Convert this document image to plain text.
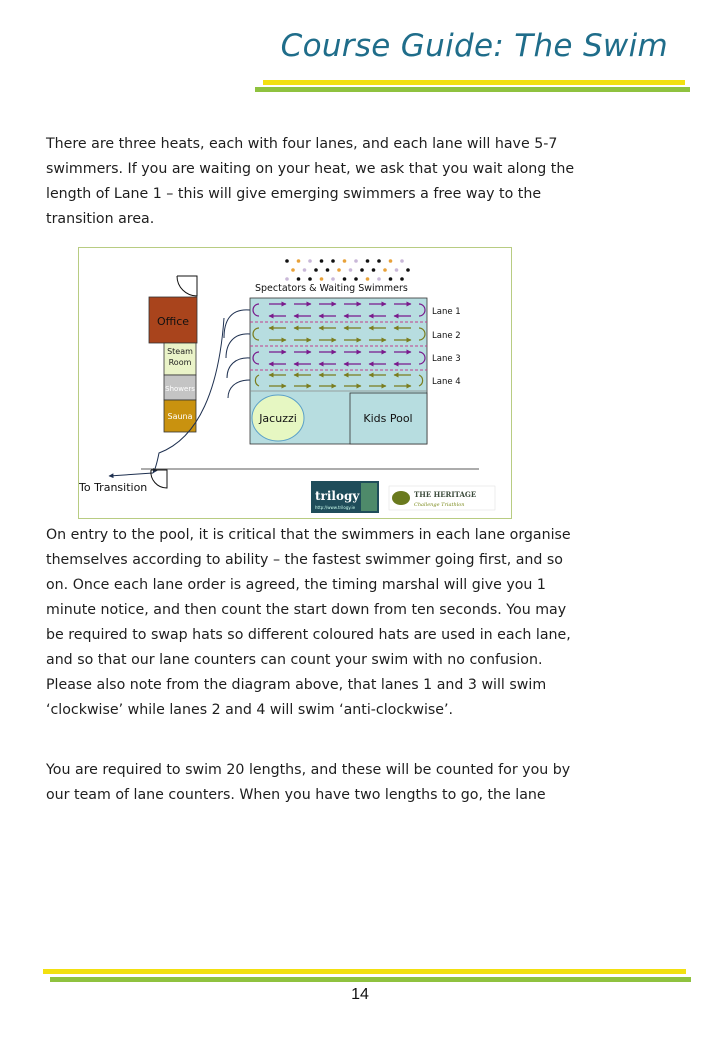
Course Guide: The Swim

There are three heats, each with four lanes, and each lane will have 5-7 swimmers. If you are waiting on your heat, we ask that you wait along the length of Lane 1 – this will give emerging swimmers a free way to the transition area.

Spectators & Waiting Swimmers
Office
Steam Room
Showers
Sauna	Jacuzzi	Kids Pool
Lane 1
Lane 2
Lane 3
Lane 4
To Transition
trilogy
http://www.trilogy.ie
THE HERITAGE
Challenge Triathlon

On entry to the pool, it is critical that the swimmers in each lane organise themselves according to ability – the fastest swimmer going first, and so on. Once each lane order is agreed, the timing marshal will give you 1 minute notice, and then count the start down from ten seconds. You may be required to swap hats so different coloured hats are used in each lane, and so that our lane counters can count your swim with no confusion. Please also note from the diagram above, that lanes 1 and 3 will swim ‘clockwise’ while lanes 2 and 4 will swim ‘anti-clockwise’.

You are required to swim 20 lengths, and these will be counted for you by our team of lane counters. When you have two lengths to go, the lane

14
